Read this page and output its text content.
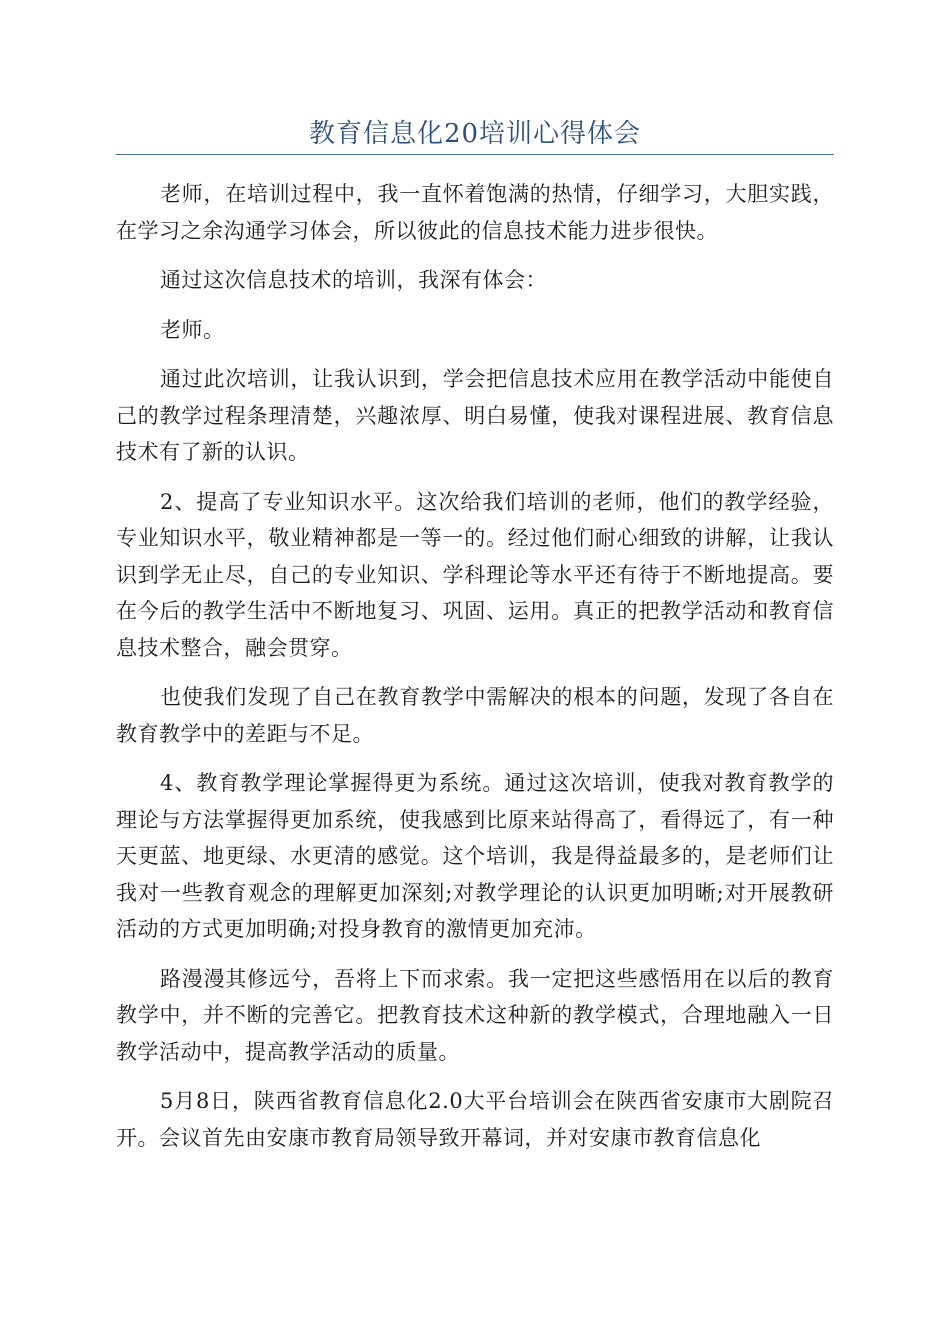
教育信息化20培训心得体会

老师，在培训过程中，我一直怀着饱满的热情，仔细学习，大胆实践，在学习之余沟通学习体会，所以彼此的信息技术能力进步很快。

通过这次信息技术的培训，我深有体会：

老师。

通过此次培训，让我认识到，学会把信息技术应用在教学活动中能使自己的教学过程条理清楚，兴趣浓厚、明白易懂，使我对课程进展、教育信息技术有了新的认识。

2、提高了专业知识水平。这次给我们培训的老师，他们的教学经验，专业知识水平，敬业精神都是一等一的。经过他们耐心细致的讲解，让我认识到学无止尽，自己的专业知识、学科理论等水平还有待于不断地提高。要在今后的教学生活中不断地复习、巩固、运用。真正的把教学活动和教育信息技术整合，融会贯穿。

也使我们发现了自己在教育教学中需解决的根本的问题，发现了各自在教育教学中的差距与不足。

4、教育教学理论掌握得更为系统。通过这次培训，使我对教育教学的理论与方法掌握得更加系统，使我感到比原来站得高了，看得远了，有一种天更蓝、地更绿、水更清的感觉。这个培训，我是得益最多的，是老师们让我对一些教育观念的理解更加深刻;对教学理论的认识更加明晰;对开展教研活动的方式更加明确;对投身教育的激情更加充沛。

路漫漫其修远兮，吾将上下而求索。我一定把这些感悟用在以后的教育教学中，并不断的完善它。把教育技术这种新的教学模式，合理地融入一日教学活动中，提高教学活动的质量。

5月8日，陕西省教育信息化2.0大平台培训会在陕西省安康市大剧院召开。会议首先由安康市教育局领导致开幕词，并对安康市教育信息化
